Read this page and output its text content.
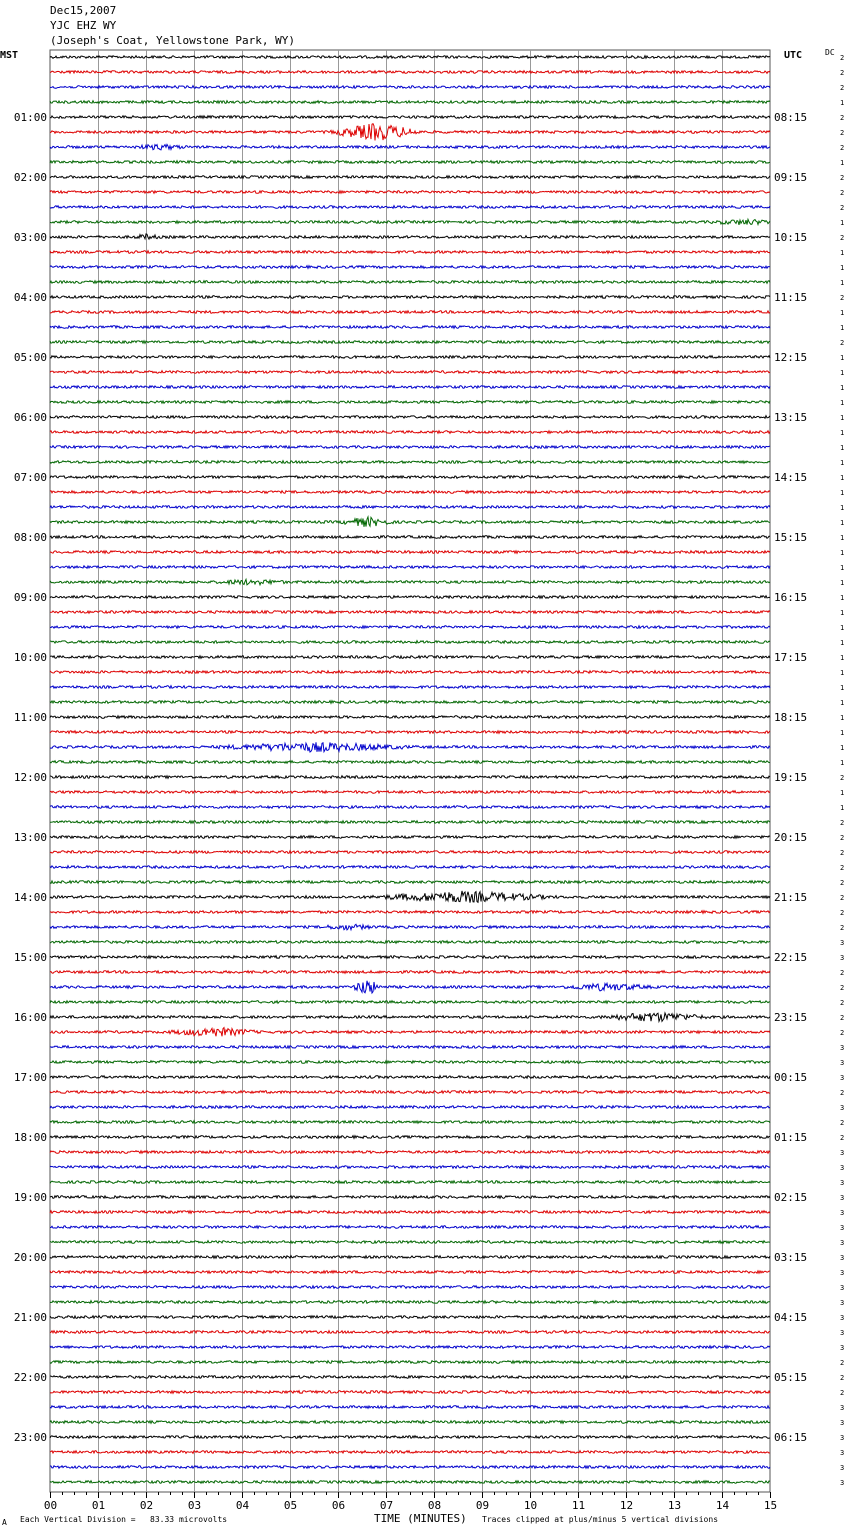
Dec15,2007
YJC EHZ WY
(Joseph's Coat, Yellowstone Park, WY)
MST	UTC	DC
01:00
02:00
03:00
04:00
05:00
06:00
07:00
08:00
09:00
10:00
11:00
12:00
13:00
14:00
15:00
16:00
17:00
18:00
19:00
20:00
21:00
22:00
23:00
08:15
09:15
10:15
11:15
12:15
13:15
14:15
15:15
16:15
17:15
18:15
19:15
20:15
21:15
22:15
23:15
00:15
01:15
02:15
03:15
04:15
05:15
06:15
2
2
2
1
2
2
2
1
2
2
2
1
2
1
1
1
2
1
1
2
1
1
1
1
1
1
1
1
1
1
1
1
1
1
1
1
1
1
1
1
1
1
1
1
1
1
1
1
2
1
1
2
2
2
2
2
2
2
2
3
3
2
2
2
2
2
3
3
3
2
3
2
2
3
3
3
3
3
3
3
3
3
3
3
3
3
3
2
2
2
3
3
3
3
3
3
00	01	02	03	04	05	06	07	08	09	10	11	12	13	14	15
A Each Vertical Division =   83.33 microvolts	TIME (MINUTES) Traces clipped at plus/minus 5 vertical divisions
